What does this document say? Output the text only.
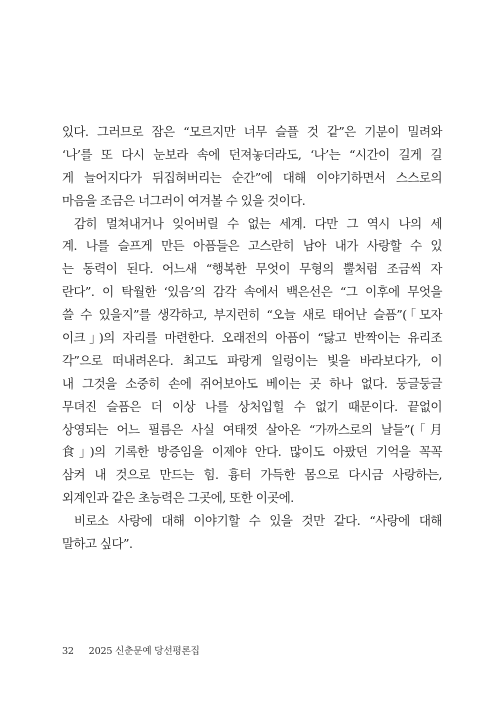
있다. 그러므로 잠은 “모르지만 너무 슬플 것 같”은 기분이 밀려와
‘나’를 또 다시 눈보라 속에 던져놓더라도, ‘나’는 “시간이 길게 길
게 늘어지다가 뒤집혀버리는 순간”에 대해 이야기하면서 스스로의
마음을 조금은 너그러이 여겨볼 수 있을 것이다.
감히 멀쳐내거나 잊어버릴 수 없는 세계. 다만 그 역시 나의 세
계. 나를 슬프게 만든 아픔들은 고스란히 남아 내가 사랑할 수 있
는 동력이 된다. 어느새 “행복한 무엇이 무형의 뿔처럼 조금씩 자
란다”. 이 탁월한 ‘있음’의 감각 속에서 백은선은 “그 이후에 무엇을
쓸 수 있을지”를 생각하고, 부지런히 “오늘 새로 태어난 슬픔”(「모자
이크」)의 자리를 마련한다. 오래전의 아픔이 “닳고 반짝이는 유리조
각”으로 떠내려온다. 최고도 파랑게 일렁이는 빛을 바라보다가, 이
내 그것을 소중히 손에 쥐어보아도 베이는 곳 하나 없다. 둥글둥글
무뎌진 슬픔은 더 이상 나를 상처입힐 수 없기 때문이다. 끝없이
상영되는 어느 필름은 사실 여태껏 살아온 “가까스로의 날들”(「月
食」)의 기록한 방증임을 이제야 안다. 많이도 아팠던 기억을 꼭꼭
삼켜 내 것으로 만드는 힘. 흉터 가득한 몸으로 다시금 사랑하는,
외계인과 같은 초능력은 그곳에, 또한 이곳에.
비로소 사랑에 대해 이야기할 수 있을 것만 같다. “사랑에 대해
말하고 싶다”.
32 2025 신춘문예 당선평론집
